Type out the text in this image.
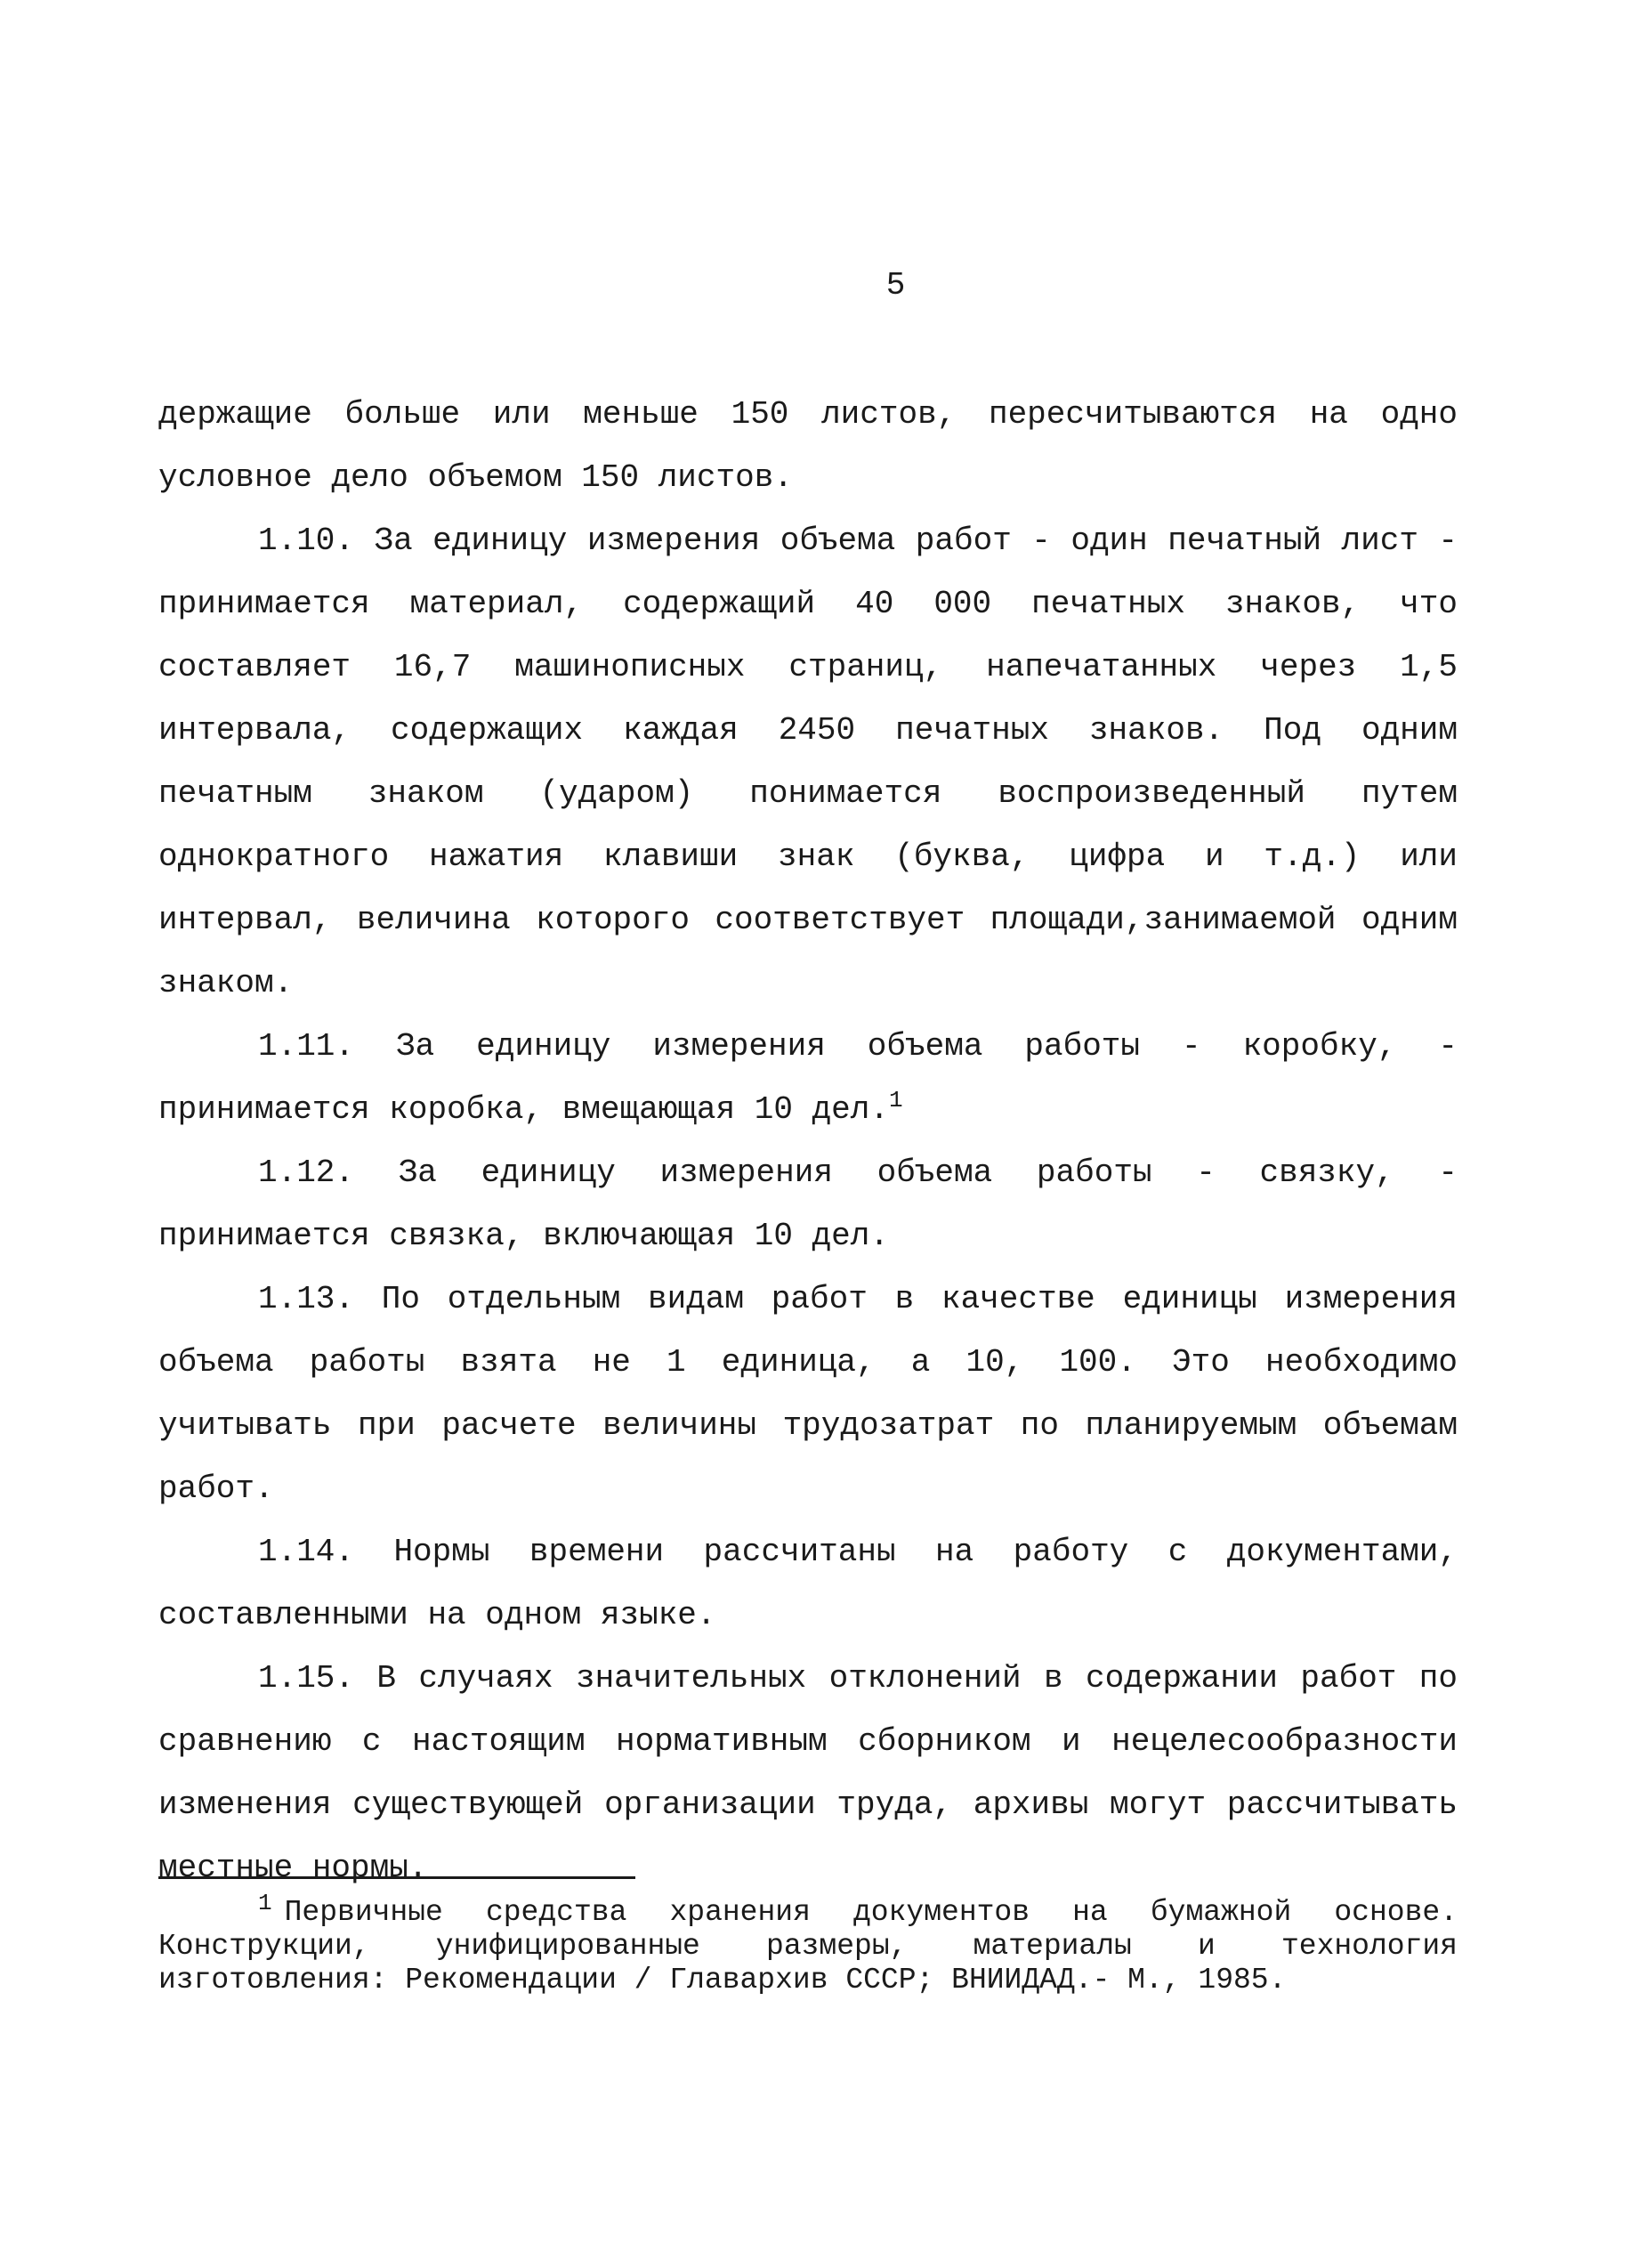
5

держащие больше или меньше 150 листов, пересчитываются на одно условное дело объемом 150 листов.

1.10. За единицу измерения объема работ - один печатный лист - принимается материал, содержащий 40 000 печатных знаков, что составляет 16,7 машинописных страниц, напечатанных через 1,5 интервала, содержащих каждая 2450 печатных знаков. Под одним печатным знаком (ударом) понимается воспроизведенный путем однократного нажатия клавиши знак (буква, цифра и т.д.) или интервал, величина которого соответствует площади,занимаемой одним знаком.

1.11. За единицу измерения объема работы - коробку, - принимается коробка, вмещающая 10 дел.$^1$

1.12. За единицу измерения объема работы - связку, - принимается связка, включающая 10 дел.

1.13. По отдельным видам работ в качестве единицы измерения объема работы взята не 1 единица, а 10, 100. Это необходимо учитывать при расчете величины трудозатрат по планируемым объемам работ.

1.14. Нормы времени рассчитаны на работу с документами, составленными на одном языке.

1.15. В случаях значительных отклонений в содержании работ по сравнению с настоящим нормативным сборником и нецелесообразности изменения существующей организации труда, архивы могут рассчитывать местные нормы.

$^1$ Первичные средства хранения документов на бумажной основе. Конструкции, унифицированные размеры, материалы и технология изготовления: Рекомендации / Главархив СССР; ВНИИДАД.- М., 1985.
